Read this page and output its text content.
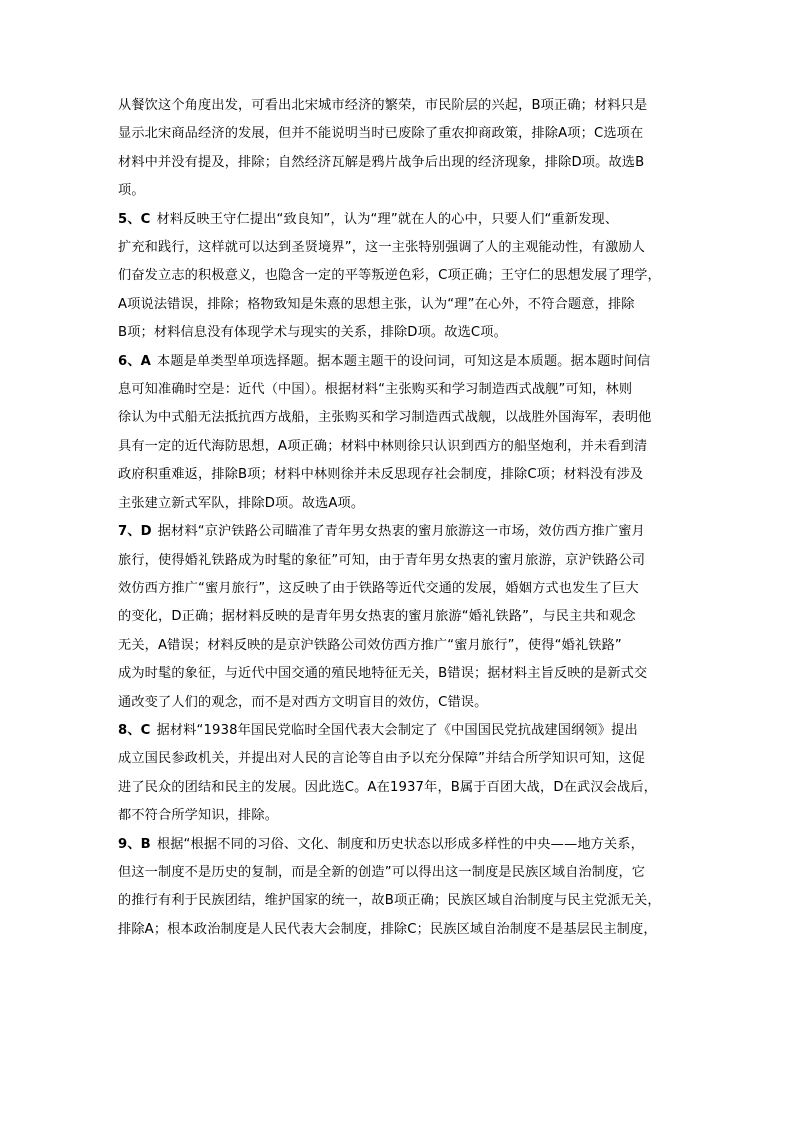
从餐饮这个角度出发，可看出北宋城市经济的繁荣，市民阶层的兴起，B项正确；材料只是
显示北宋商品经济的发展，但并不能说明当时已废除了重农抑商政策，排除A项；C选项在
材料中并没有提及，排除；自然经济瓦解是鸦片战争后出现的经济现象，排除D项。故选B
项。
5、C 材料反映王守仁提出“致良知”，认为“理”就在人的心中，只要人们“重新发现、
扩充和践行，这样就可以达到圣贤境界”，这一主张特别强调了人的主观能动性，有激励人
们奋发立志的积极意义，也隐含一定的平等叛逆色彩，C项正确；王守仁的思想发展了理学，
A项说法错误，排除；格物致知是朱熹的思想主张，认为“理”在心外，不符合题意，排除
B项；材料信息没有体现学术与现实的关系，排除D项。故选C项。
6、A 本题是单类型单项选择题。据本题主题干的设问词，可知这是本质题。据本题时间信
息可知准确时空是：近代（中国）。根据材料“主张购买和学习制造西式战舰”可知，林则
徐认为中式船无法抵抗西方战船，主张购买和学习制造西式战舰，以战胜外国海军，表明他
具有一定的近代海防思想，A项正确；材料中林则徐只认识到西方的船坚炮利，并未看到清
政府积重难返，排除B项；材料中林则徐并未反思现存社会制度，排除C项；材料没有涉及
主张建立新式军队，排除D项。故选A项。
7、D 据材料“京沪铁路公司瞄准了青年男女热衷的蜜月旅游这一市场，效仿西方推广蜜月
旅行，使得婚礼铁路成为时髦的象征”可知，由于青年男女热衷的蜜月旅游，京沪铁路公司
效仿西方推广“蜜月旅行”，这反映了由于铁路等近代交通的发展，婚姻方式也发生了巨大
的变化，D正确；据材料反映的是青年男女热衷的蜜月旅游“婚礼铁路”，与民主共和观念
无关，A错误；材料反映的是京沪铁路公司效仿西方推广“蜜月旅行”，使得“婚礼铁路”
成为时髦的象征，与近代中国交通的殖民地特征无关，B错误；据材料主旨反映的是新式交
通改变了人们的观念，而不是对西方文明盲目的效仿，C错误。
8、C 据材料“1938年国民党临时全国代表大会制定了《中国国民党抗战建国纲领》提出
成立国民参政机关，并提出对人民的言论等自由予以充分保障”并结合所学知识可知，这促
进了民众的团结和民主的发展。因此选C。A在1937年，B属于百团大战，D在武汉会战后，
都不符合所学知识，排除。
9、B 根据“根据不同的习俗、文化、制度和历史状态以形成多样性的中央——地方关系，
但这一制度不是历史的复制，而是全新的创造”可以得出这一制度是民族区域自治制度，它
的推行有利于民族团结，维护国家的统一，故B项正确；民族区域自治制度与民主党派无关，
排除A；根本政治制度是人民代表大会制度，排除C；民族区域自治制度不是基层民主制度，
